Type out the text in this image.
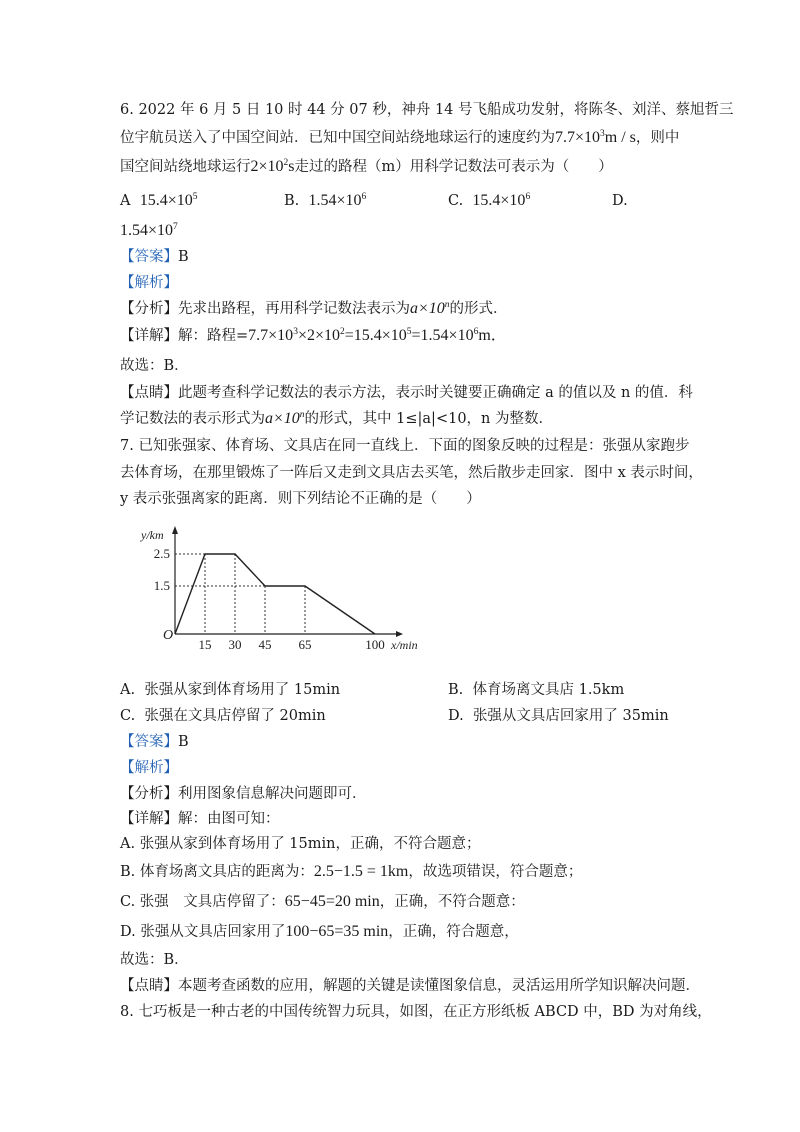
6. 2022 年 6 月 5 日 10 时 44 分 07 秒，神舟 14 号飞船成功发射，将陈冬、刘洋、蔡旭哲三
位宇航员送入了中国空间站．已知中国空间站绕地球运行的速度约为$7.7\times 10^3m / s$，则中
国空间站绕地球运行$2\times 10^2s$走过的路程（m）用科学记数法可表示为（　　）
A $15.4\times 10^5$	B. $1.54\times 10^6$	C. $15.4\times 10^6$	D.
$1.54\times 10^7$
【答案】B
【解析】
【分析】先求出路程，再用科学记数法表示为$a\times 10^n$的形式．
【详解】解：路程$=7.7\times 10^3\times 2\times 10^2=15.4\times 10^5=1.54\times 10^6m$．
故选：B．
【点睛】此题考查科学记数法的表示方法，表示时关键要正确确定 a 的值以及 n 的值．科
学记数法的表示形式为$a\times 10^n$的形式，其中 1≤|a|<10，n 为整数．
7. 已知张强家、体育场、文具店在同一直线上．下面的图象反映的过程是：张强从家跑步
去体育场，在那里锻炼了一阵后又走到文具店去买笔，然后散步走回家．图中 x 表示时间，
y 表示张强离家的距离．则下列结论不正确的是（　　）
15 30 45 65	100
2.5
1.5
O
x/min
y/km
A. 张强从家到体育场用了 15min	B. 体育场离文具店 1.5km
C. 张强在文具店停留了 20min	D. 张强从文具店回家用了 35min
【答案】B
【解析】
【分析】利用图象信息解决问题即可．
【详解】解：由图可知：
A. 张强从家到体育场用了 15min，正确，不符合题意；
B. 体育场离文具店的距离为：2.5−1.5 = 1km，故选项错误，符合题意；
C. 张强　文具店停留了：65−45=20 min，正确，不符合题意：
D. 张强从文具店回家用了100−65=35 min，正确，符合题意，
故选：B．
【点睛】本题考查函数的应用，解题的关键是读懂图象信息，灵活运用所学知识解决问题．
8. 七巧板是一种古老的中国传统智力玩具，如图，在正方形纸板 ABCD 中，BD 为对角线，
